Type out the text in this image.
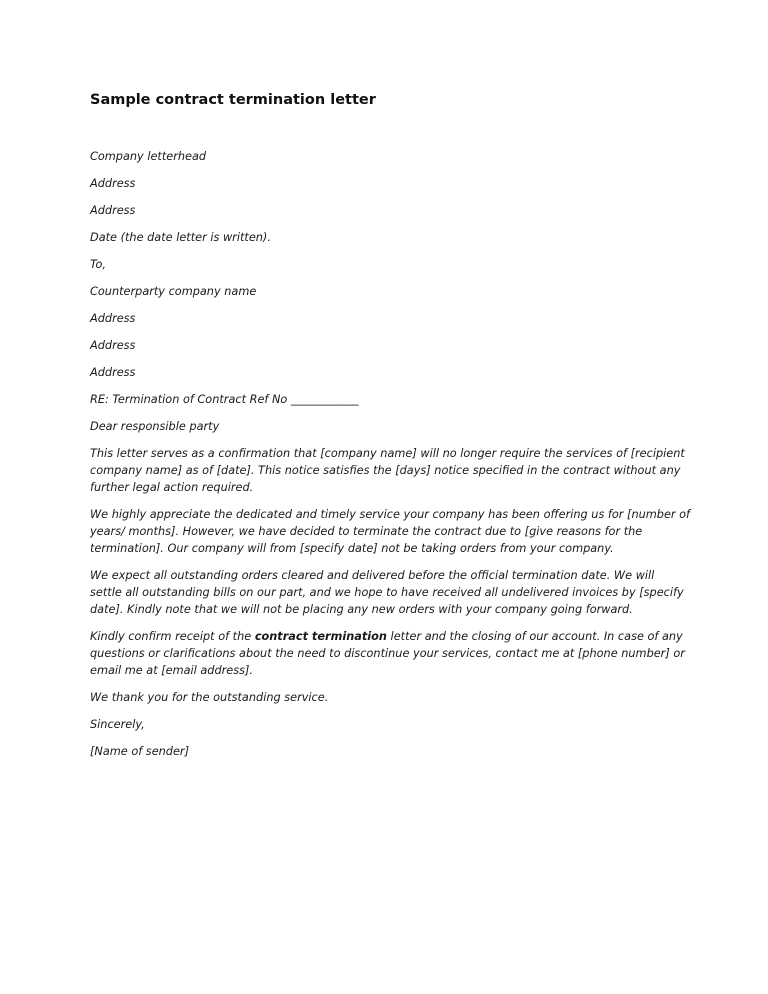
Sample contract termination letter
Company letterhead
Address
Address
Date (the date letter is written).
To,
Counterparty company name
Address
Address
Address
RE: Termination of Contract Ref No ____________
Dear responsible party
This letter serves as a confirmation that [company name] will no longer require the services of [recipient
company name] as of [date]. This notice satisfies the [days] notice specified in the contract without any
further legal action required.
We highly appreciate the dedicated and timely service your company has been offering us for [number of
years/ months]. However, we have decided to terminate the contract due to [give reasons for the
termination]. Our company will from [specify date] not be taking orders from your company.
We expect all outstanding orders cleared and delivered before the official termination date. We will
settle all outstanding bills on our part, and we hope to have received all undelivered invoices by [specify
date]. Kindly note that we will not be placing any new orders with your company going forward.
Kindly confirm receipt of the contract termination letter and the closing of our account. In case of any
questions or clarifications about the need to discontinue your services, contact me at [phone number] or
email me at [email address].
We thank you for the outstanding service.
Sincerely,
[Name of sender]
